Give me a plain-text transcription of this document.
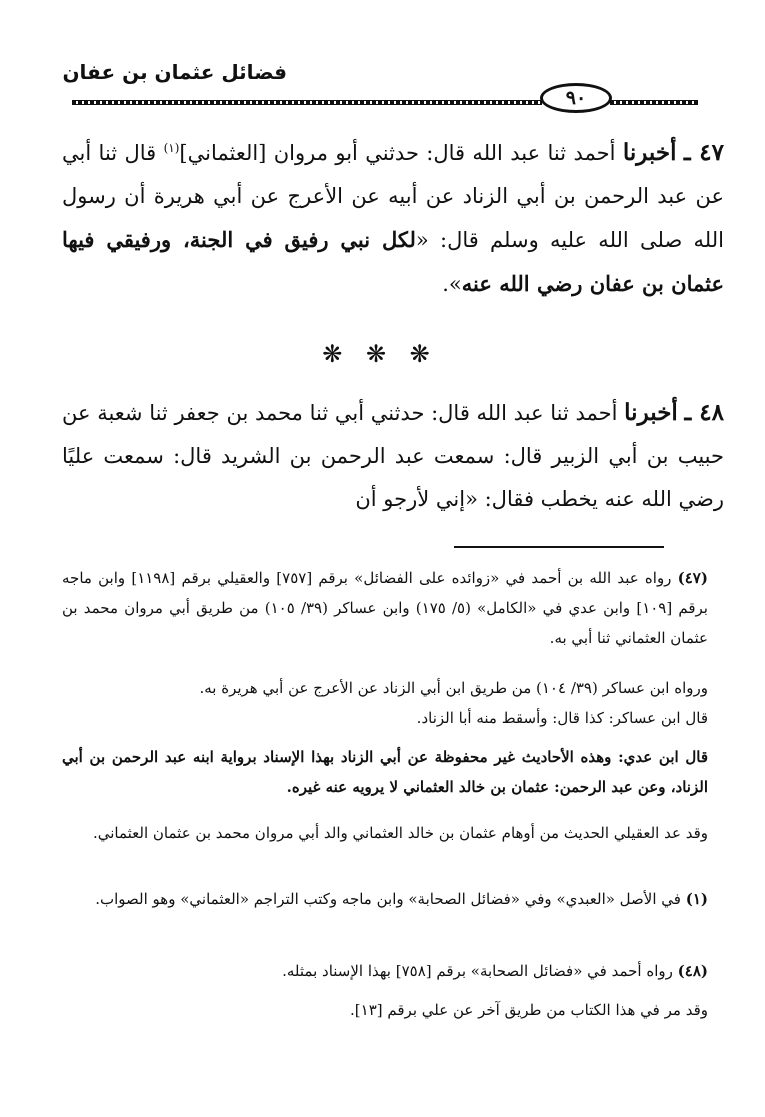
فضائل عثمان بن عفان
٩٠

٤٧ ـ أخبرنا أحمد ثنا عبد الله قال: حدثني أبو مروان [العثماني]$^{(١)}$ قال ثنا أبي عن عبد الرحمن بن أبي الزناد عن أبيه عن الأعرج عن أبي هريرة أن رسول الله صلى الله عليه وسلم قال: «لكل نبي رفيق في الجنة، ورفيقي فيها عثمان بن عفان رضي الله عنه».

❋ ❋ ❋

٤٨ ـ أخبرنا أحمد ثنا عبد الله قال: حدثني أبي ثنا محمد بن جعفر ثنا شعبة عن حبيب بن أبي الزبير قال: سمعت عبد الرحمن بن الشريد قال: سمعت عليًا رضي الله عنه يخطب فقال: «إني لأرجو أن

(٤٧) رواه عبد الله بن أحمد في «زوائده على الفضائل» برقم [٧٥٧] والعقيلي برقم [١١٩٨] وابن ماجه برقم [١٠٩] وابن عدي في «الكامل» (٥/ ١٧٥) وابن عساكر (٣٩/ ١٠٥) من طريق أبي مروان محمد بن عثمان العثماني ثنا أبي به.

ورواه ابن عساكر (٣٩/ ١٠٤) من طريق ابن أبي الزناد عن الأعرج عن أبي هريرة به.

قال ابن عساكر: كذا قال: وأسقط منه أبا الزناد.

قال ابن عدي: وهذه الأحاديث غير محفوظة عن أبي الزناد بهذا الإسناد برواية ابنه عبد الرحمن بن أبي الزناد، وعن عبد الرحمن: عثمان بن خالد العثماني لا يرويه عنه غيره.

وقد عد العقيلي الحديث من أوهام عثمان بن خالد العثماني والد أبي مروان محمد بن عثمان العثماني.

(١) في الأصل «العبدي» وفي «فضائل الصحابة» وابن ماجه وكتب التراجم «العثماني» وهو الصواب.

(٤٨) رواه أحمد في «فضائل الصحابة» برقم [٧٥٨] بهذا الإسناد بمثله.

وقد مر في هذا الكتاب من طريق آخر عن علي برقم [١٣].
